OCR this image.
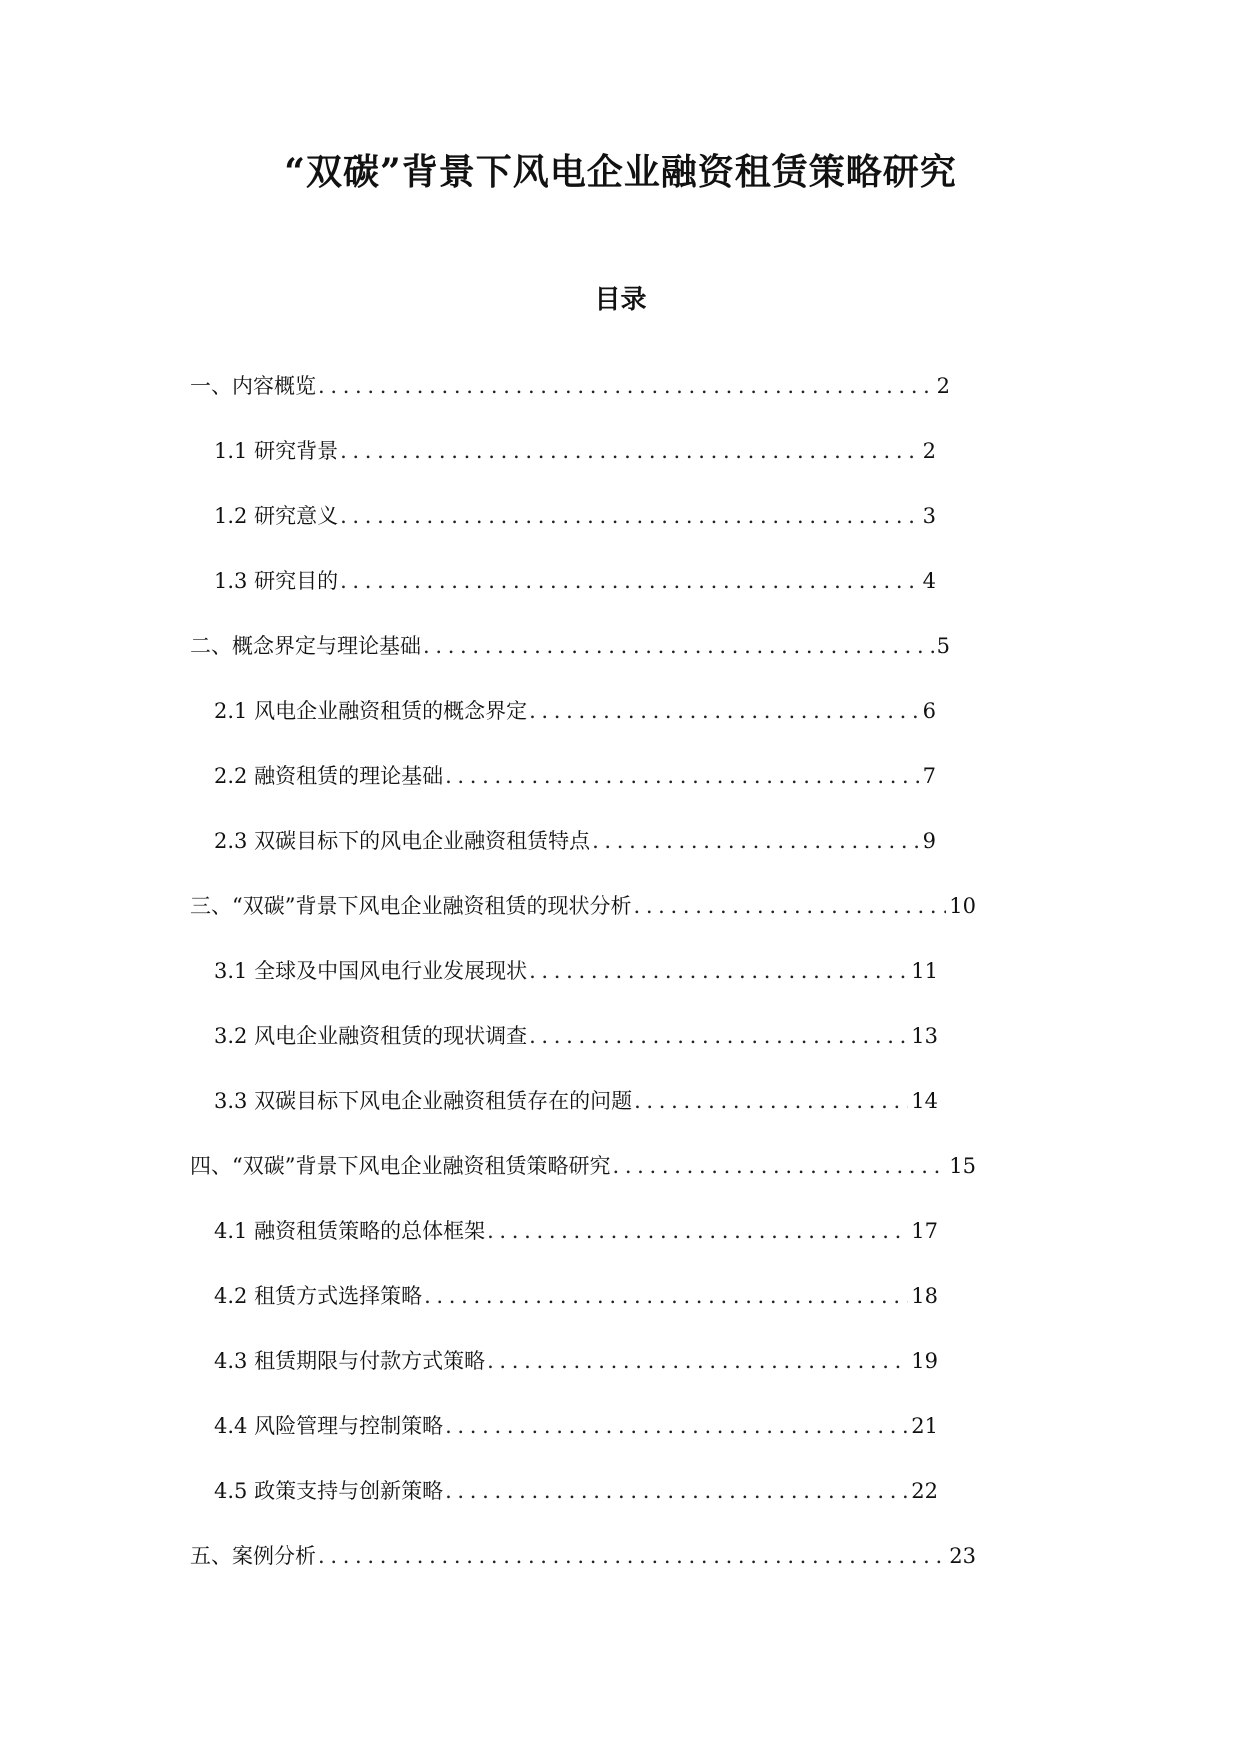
“双碳”背景下风电企业融资租赁策略研究
目录
一、内容概览 . . .	2
1.1 研究背景 . . .	2
1.2 研究意义 . . .	3
1.3 研究目的 . . .	4
二、概念界定与理论基础 . . .	5
2.1 风电企业融资租赁的概念界定 . . .	6
2.2 融资租赁的理论基础 . . .	7
2.3 双碳目标下的风电企业融资租赁特点 . . .	9
三、“双碳”背景下风电企业融资租赁的现状分析 . . .	10
3.1 全球及中国风电行业发展现状 . . .	11
3.2 风电企业融资租赁的现状调查 . . .	13
3.3 双碳目标下风电企业融资租赁存在的问题 . . .	14
四、“双碳”背景下风电企业融资租赁策略研究 . . .	15
4.1 融资租赁策略的总体框架 . . .	17
4.2 租赁方式选择策略 . . .	18
4.3 租赁期限与付款方式策略 . . .	19
4.4 风险管理与控制策略 . . .	21
4.5 政策支持与创新策略 . . .	22
五、案例分析 . . .	23
